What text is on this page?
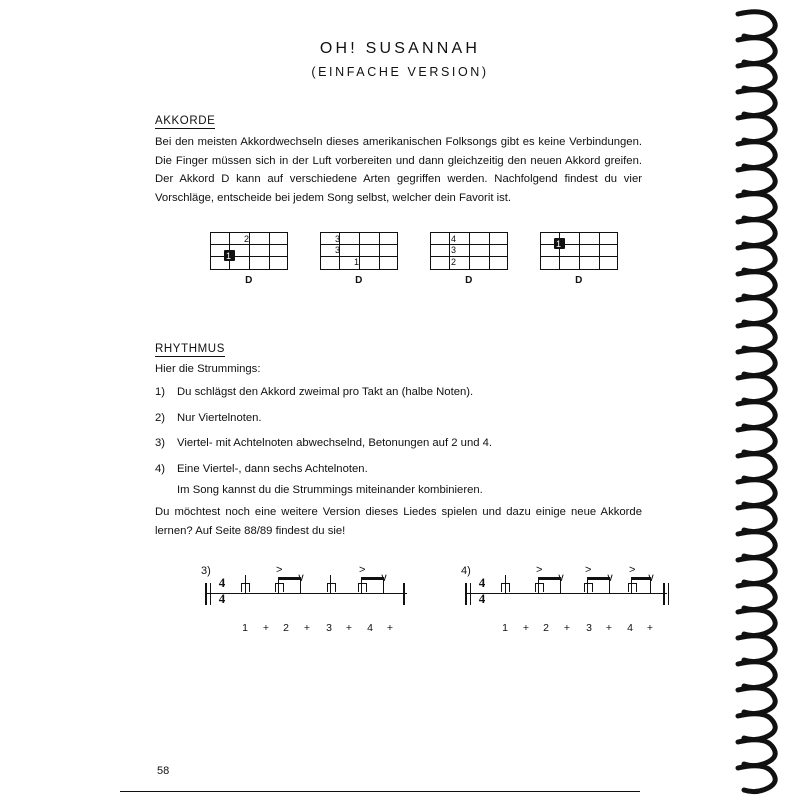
OH! SUSANNAH
(EINFACHE VERSION)
AKKORDE
Bei den meisten Akkordwechseln dieses amerikanischen Folksongs gibt es keine Verbindungen. Die Finger müssen sich in der Luft vorbereiten und dann gleichzeitig den neuen Akkord greifen. Der Akkord D kann auf verschiedene Arten gegriffen werden. Nachfolgend findest du vier Vorschläge, entscheide bei jedem Song selbst, welcher dein Favorit ist.
2
1
D
3
3
1
D
4
3
2
D
1
D
RHYTHMUS
Hier die Strummings:
1)	Du schlägst den Akkord zweimal pro Takt an (halbe Noten).
2)	Nur Viertelnoten.
3)	Viertel- mit Achtelnoten abwechselnd, Betonungen auf 2 und 4.
4)	Eine Viertel-, dann sechs Achtelnoten.
Im Song kannst du die Strummings miteinander kombinieren.
Du möchtest noch eine weitere Version dieses Liedes spielen und dazu einige neue Akkorde lernen? Auf Seite 88/89 findest du sie!
3)
4
4
∨	∨
>	>
1 + 2 + 3 + 4 +
4)
4
4
∨	∨	∨
>	>	>
1 + 2 + 3 + 4 +
58
